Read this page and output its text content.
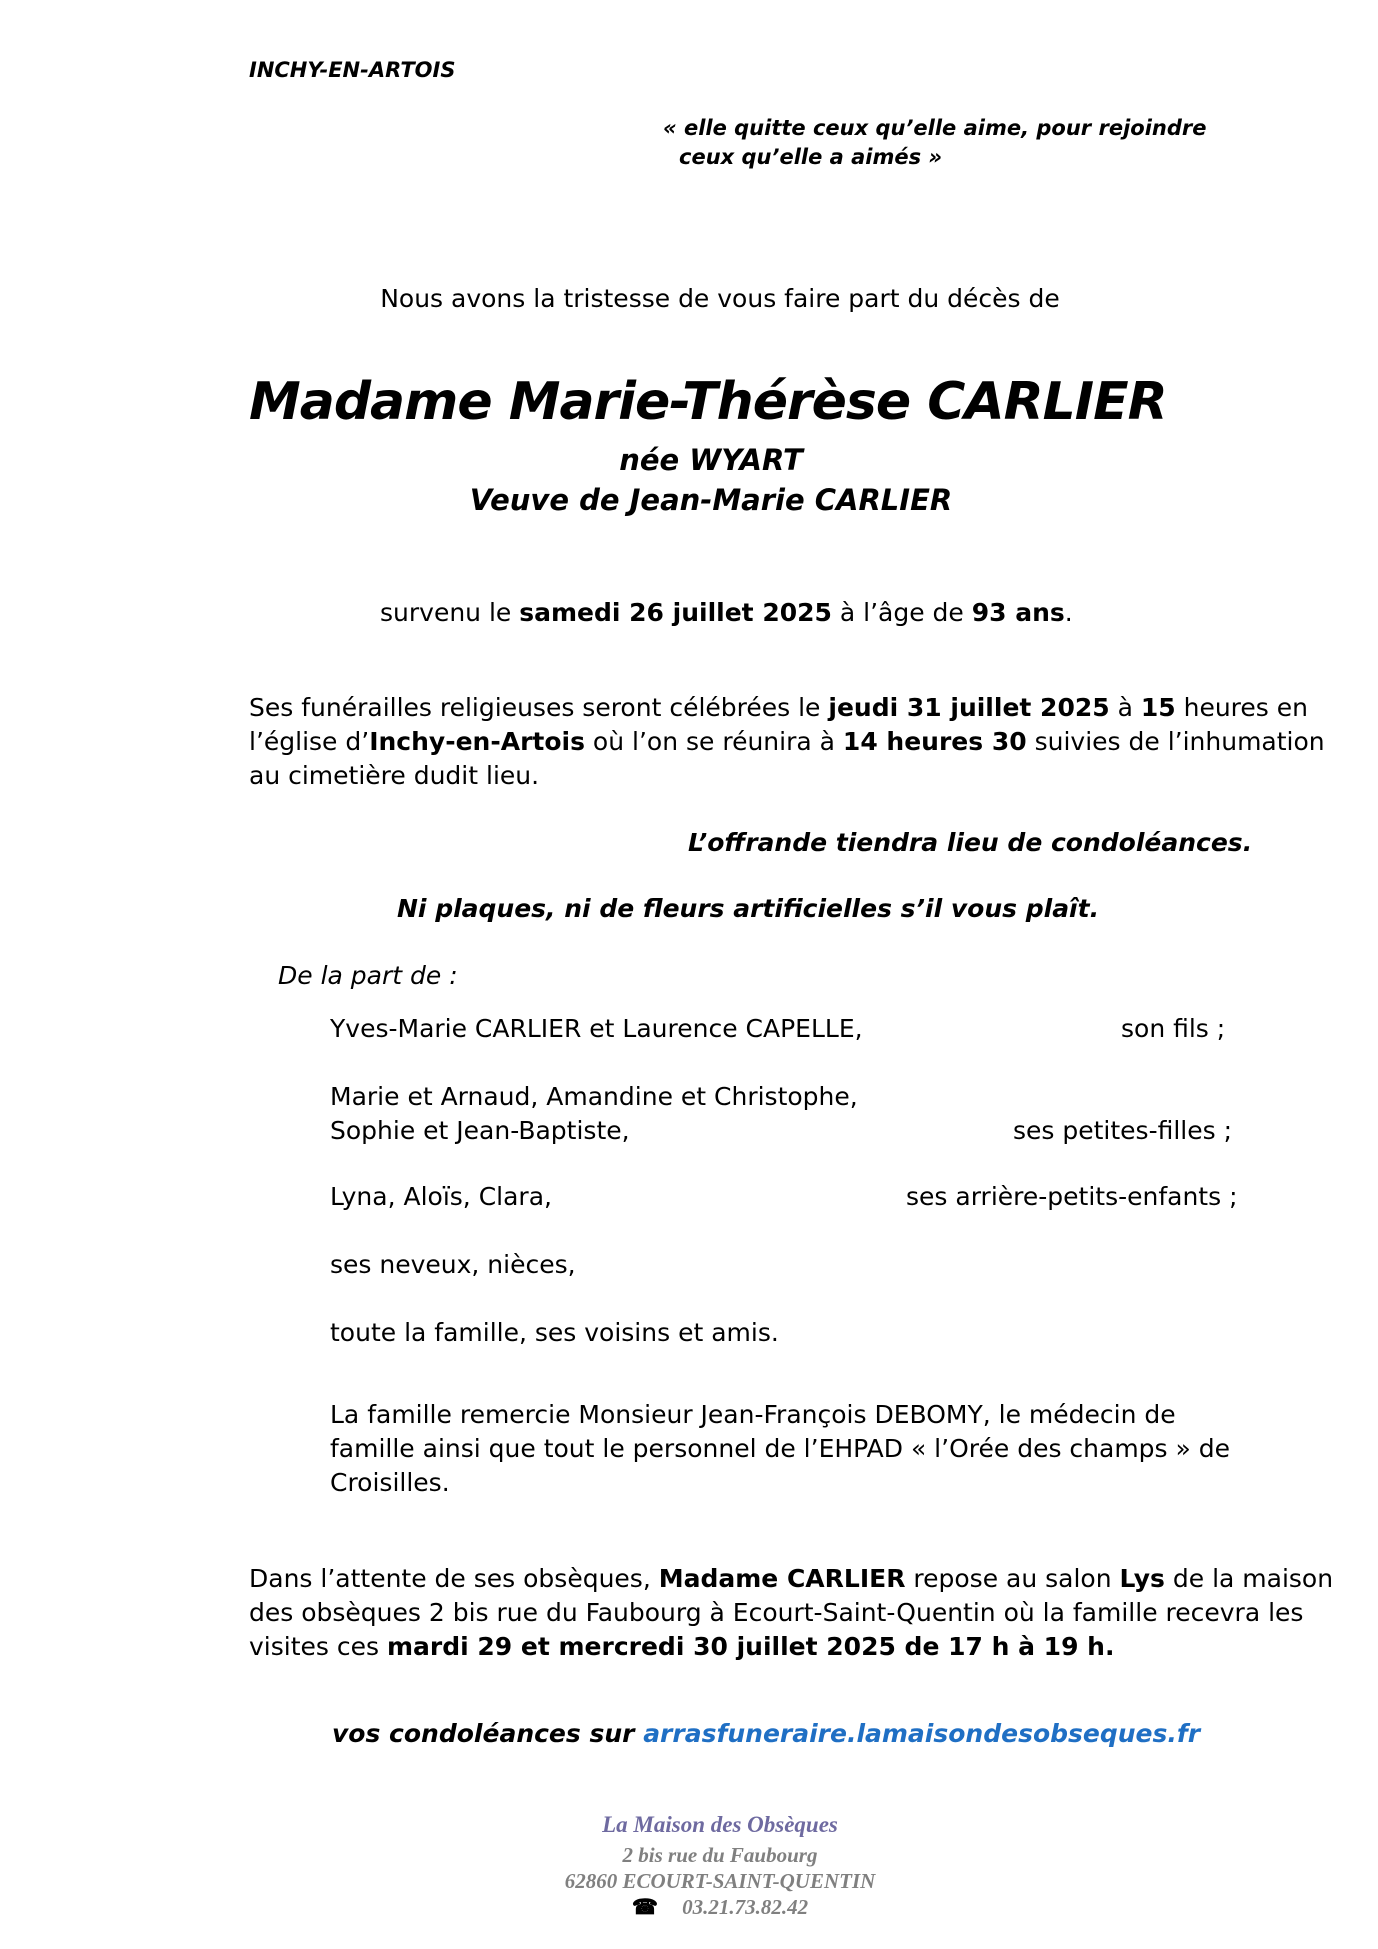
INCHY-EN-ARTOIS
« elle quitte ceux qu’elle aime, pour rejoindre
ceux qu’elle a aimés »
Nous avons la tristesse de vous faire part du décès de
Madame Marie-Thérèse CARLIER
née WYART
Veuve de Jean-Marie CARLIER
survenu le samedi 26 juillet 2025 à l’âge de 93 ans.
Ses funérailles religieuses seront célébrées le jeudi 31 juillet 2025 à 15 heures en l’église d’Inchy-en-Artois où l’on se réunira à 14 heures 30 suivies de l’inhumation au cimetière dudit lieu.
L’offrande tiendra lieu de condoléances.
Ni plaques, ni de fleurs artificielles s’il vous plaît.
De la part de :
Yves-Marie CARLIER et Laurence CAPELLE,	son fils ;
Marie et Arnaud, Amandine et Christophe,
Sophie et Jean-Baptiste,	ses petites-filles ;
Lyna, Aloïs, Clara,	ses arrière-petits-enfants ;
ses neveux, nièces,
toute la famille, ses voisins et amis.
La famille remercie Monsieur Jean-François DEBOMY, le médecin de famille ainsi que tout le personnel de l’EHPAD « l’Orée des champs » de Croisilles.
Dans l’attente de ses obsèques, Madame CARLIER repose au salon Lys de la maison des obsèques 2 bis rue du Faubourg à Ecourt-Saint-Quentin où la famille recevra les visites ces mardi 29 et mercredi 30 juillet 2025 de 17 h à 19 h.
vos condoléances sur arrasfuneraire.lamaisondesobseques.fr
La Maison des Obsèques
2 bis rue du Faubourg
62860 ECOURT-SAINT-QUENTIN
☎ 03.21.73.82.42
